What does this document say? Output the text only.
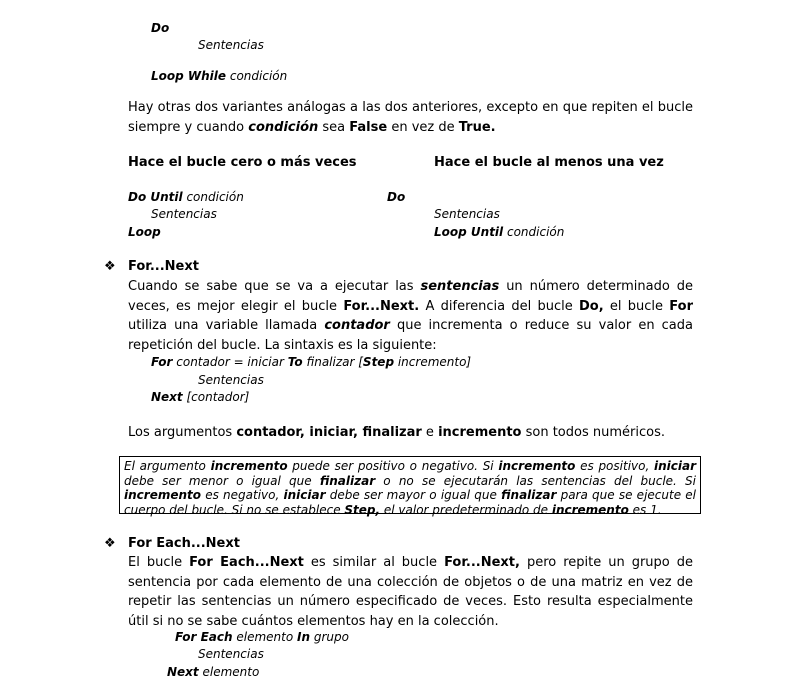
Do
Sentencias
Loop While condición
Hay otras dos variantes análogas a las dos anteriores, excepto en que repiten el bucle siempre y cuando condición sea False en vez de True.
Hace el bucle cero o más veces	Hace el bucle al menos una vez
Do Until condición
Sentencias
Loop
Do
Sentencias
Loop Until condición
❖ For...Next
Cuando se sabe que se va a ejecutar las sentencias un número determinado de veces, es mejor elegir el bucle For...Next. A diferencia del bucle Do, el bucle For utiliza una variable llamada contador que incrementa o reduce su valor en cada repetición del bucle. La sintaxis es la siguiente:
For contador = iniciar To finalizar [Step incremento]
Sentencias
Next [contador]
Los argumentos contador, iniciar, finalizar e incremento son todos numéricos.
El argumento incremento puede ser positivo o negativo. Si incremento es positivo, iniciar debe ser menor o igual que finalizar o no se ejecutarán las sentencias del bucle. Si incremento es negativo, iniciar debe ser mayor o igual que finalizar para que se ejecute el cuerpo del bucle. Si no se establece Step, el valor predeterminado de incremento es 1.
❖ For Each...Next
El bucle For Each...Next es similar al bucle For...Next, pero repite un grupo de sentencia por cada elemento de una colección de objetos o de una matriz en vez de repetir las sentencias un número especificado de veces. Esto resulta especialmente útil si no se sabe cuántos elementos hay en la colección.
For Each elemento In grupo
Sentencias
Next elemento
